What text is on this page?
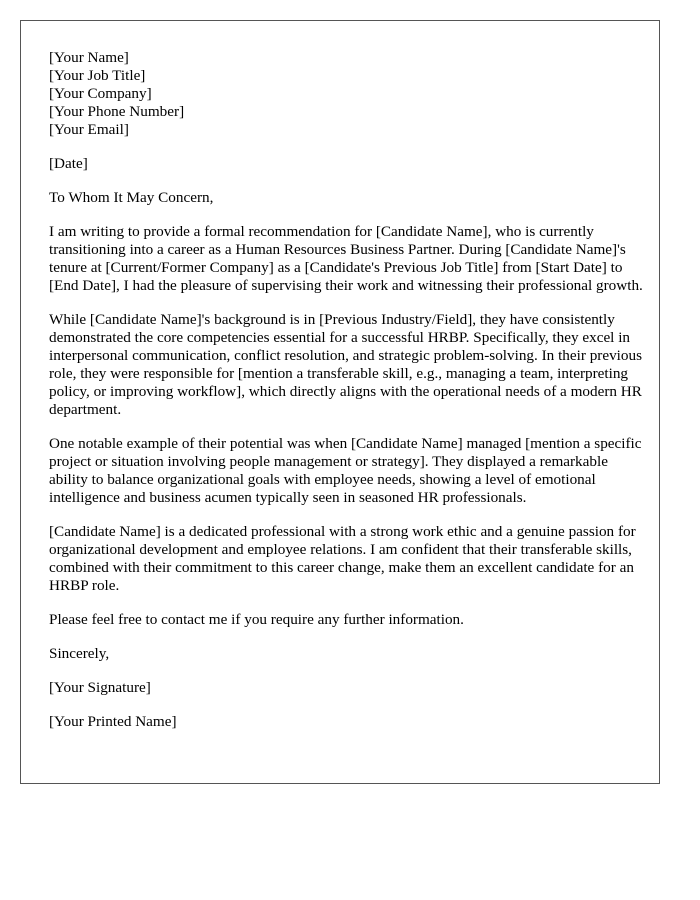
[Your Name]
[Your Job Title]
[Your Company]
[Your Phone Number]
[Your Email]

[Date]

To Whom It May Concern,

I am writing to provide a formal recommendation for [Candidate Name], who is currently transitioning into a career as a Human Resources Business Partner. During [Candidate Name]'s tenure at [Current/Former Company] as a [Candidate's Previous Job Title] from [Start Date] to [End Date], I had the pleasure of supervising their work and witnessing their professional growth.

While [Candidate Name]'s background is in [Previous Industry/Field], they have consistently demonstrated the core competencies essential for a successful HRBP. Specifically, they excel in interpersonal communication, conflict resolution, and strategic problem-solving. In their previous role, they were responsible for [mention a transferable skill, e.g., managing a team, interpreting policy, or improving workflow], which directly aligns with the operational needs of a modern HR department.

One notable example of their potential was when [Candidate Name] managed [mention a specific project or situation involving people management or strategy]. They displayed a remarkable ability to balance organizational goals with employee needs, showing a level of emotional intelligence and business acumen typically seen in seasoned HR professionals.

[Candidate Name] is a dedicated professional with a strong work ethic and a genuine passion for organizational development and employee relations. I am confident that their transferable skills, combined with their commitment to this career change, make them an excellent candidate for an HRBP role.

Please feel free to contact me if you require any further information.

Sincerely,

[Your Signature]

[Your Printed Name]
